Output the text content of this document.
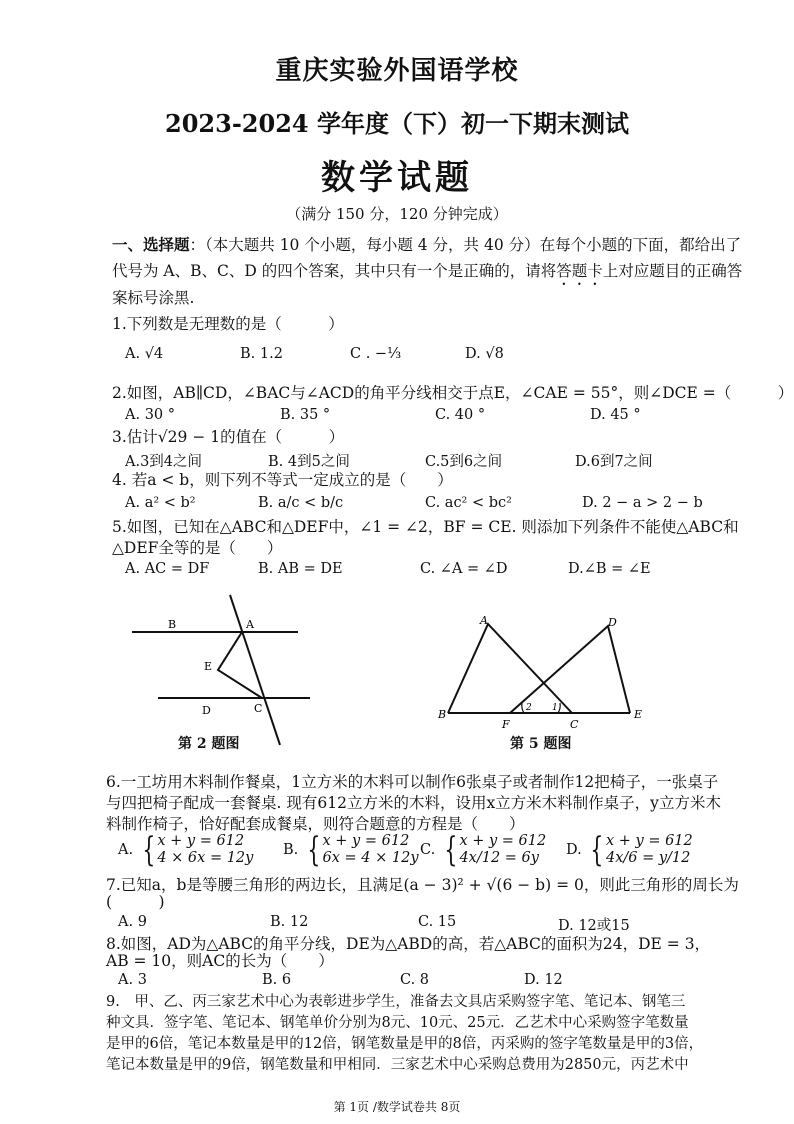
重庆实验外国语学校
2023-2024 学年度（下）初一下期末测试
数学试题
（满分 150 分，120 分钟完成）
一、选择题：（本大题共 10 个小题，每小题 4 分，共 40 分）在每个小题的下面，都给出了
代号为 A、B、C、D 的四个答案，其中只有一个是正确的，请将答题卡上对应题目的正确答
案标号涂黑.
1.下列数是无理数的是（　　　）
A. √4	B. 1.2	C . −⅓	D. √8
2.如图，AB∥CD，∠BAC与∠ACD的角平分线相交于点E，∠CAE = 55°，则∠DCE =（　　　）
A. 30 °	B. 35 °	C. 40 °	D. 45 °
3.估计√29 − 1的值在（　　　）
A.3到4之间	B. 4到5之间	C.5到6之间	D.6到7之间
4. 若a < b，则下列不等式一定成立的是（　　）
A. a² < b²	B. a/c < b/c	C. ac² < bc²	D. 2 − a > 2 − b
5.如图，已知在△ABC和△DEF中，∠1 = ∠2，BF = CE. 则添加下列条件不能使△ABC和
△DEF全等的是（　　）
A. AC = DF	B. AB = DE	C. ∠A = ∠D	D.∠B = ∠E
B	A
E
D	C
第 2 题图
A	D
B
F
2 1
C
E
第 5 题图
6.一工坊用木料制作餐桌，1立方米的木料可以制作6张桌子或者制作12把椅子，一张桌子
与四把椅子配成一套餐桌. 现有612立方米的木料，设用x立方米木料制作桌子，y立方米木
料制作椅子，恰好配套成餐桌，则符合题意的方程是（　　）
A. { x + y = 612
4 × 6x = 12y B. { x + y = 612
6x = 4 × 12y C. { x + y = 612
4x/12 = 6y	D. { x + y = 612
4x/6 = y/12
7.已知a，b是等腰三角形的两边长，且满足(a − 3)² + √(6 − b) = 0，则此三角形的周长为
(　　　)
A. 9	B. 12	C. 15	D. 12或15
8.如图，AD为△ABC的角平分线，DE为△ABD的高，若△ABC的面积为24，DE = 3，
AB = 10，则AC的长为（　　）
A. 3	B. 6	C. 8	D. 12
9.　甲、乙、丙三家艺术中心为表彰进步学生，准备去文具店采购签字笔、笔记本、钢笔三
种文具．签字笔、笔记本、钢笔单价分别为8元、10元、25元．乙艺术中心采购签字笔数量
是甲的6倍，笔记本数量是甲的12倍，钢笔数量是甲的8倍，丙采购的签字笔数量是甲的3倍，
笔记本数量是甲的9倍，钢笔数量和甲相同．三家艺术中心采购总费用为2850元，丙艺术中
第 1页 /数学试卷共 8页
